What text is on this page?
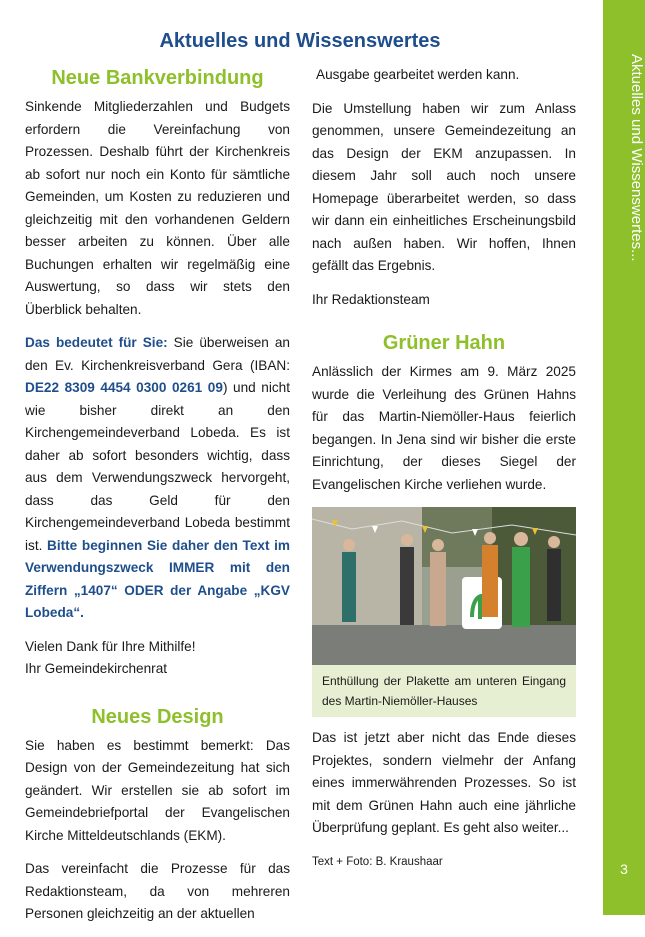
Aktuelles und Wissenswertes
Aktuelles und Wissenswertes...
3
Neue Bankverbindung

Sinkende Mitgliederzahlen und Budgets erfordern die Vereinfachung von Prozessen. Deshalb führt der Kirchenkreis ab sofort nur noch ein Konto für sämtliche Gemeinden, um Kosten zu reduzieren und gleichzeitig mit den vorhandenen Geldern besser arbeiten zu können. Über alle Buchungen erhalten wir regelmäßig eine Auswertung, so dass wir stets den Überblick behalten.

Das bedeutet für Sie: Sie überweisen an den Ev. Kirchenkreisverband Gera (IBAN: DE22 8309 4454 0300 0261 09) und nicht wie bisher direkt an den Kirchengemeindeverband Lobeda. Es ist daher ab sofort besonders wichtig, dass aus dem Verwendungszweck hervorgeht, dass das Geld für den Kirchengemeindeverband Lobeda bestimmt ist. Bitte beginnen Sie daher den Text im Verwendungszweck IMMER mit den Ziffern „1407“ ODER der Angabe „KGV Lobeda“.

Vielen Dank für Ihre Mithilfe!
Ihr Gemeindekirchenrat
Neues Design

Sie haben es bestimmt bemerkt: Das Design von der Gemeindezeitung hat sich geändert. Wir erstellen sie ab sofort im Gemeindebriefportal der Evangelischen Kirche Mitteldeutschlands (EKM).

Das vereinfacht die Prozesse für das Redaktionsteam, da von mehreren Personen gleichzeitig an der aktuellen

Ausgabe gearbeitet werden kann.

Die Umstellung haben wir zum Anlass genommen, unsere Gemeindezeitung an das Design der EKM anzupassen. In diesem Jahr soll auch noch unsere Homepage überarbeitet werden, so dass wir dann ein einheitliches Erscheinungsbild nach außen haben. Wir hoffen, Ihnen gefällt das Ergebnis.

Ihr Redaktionsteam

Grüner Hahn

Anlässlich der Kirmes am 9. März 2025 wurde die Verleihung des Grünen Hahns für das Martin-Niemöller-Haus feierlich begangen. In Jena sind wir bisher die erste Einrichtung, der dieses Siegel der Evangelischen Kirche verliehen wurde.

Enthüllung der Plakette am unteren Eingang des Martin-Niemöller-Hauses

Das ist jetzt aber nicht das Ende dieses Projektes, sondern vielmehr der Anfang eines immerwährenden Prozesses. So ist mit dem Grünen Hahn auch eine jährliche Überprüfung geplant. Es geht also weiter...

Text + Foto: B. Kraushaar
